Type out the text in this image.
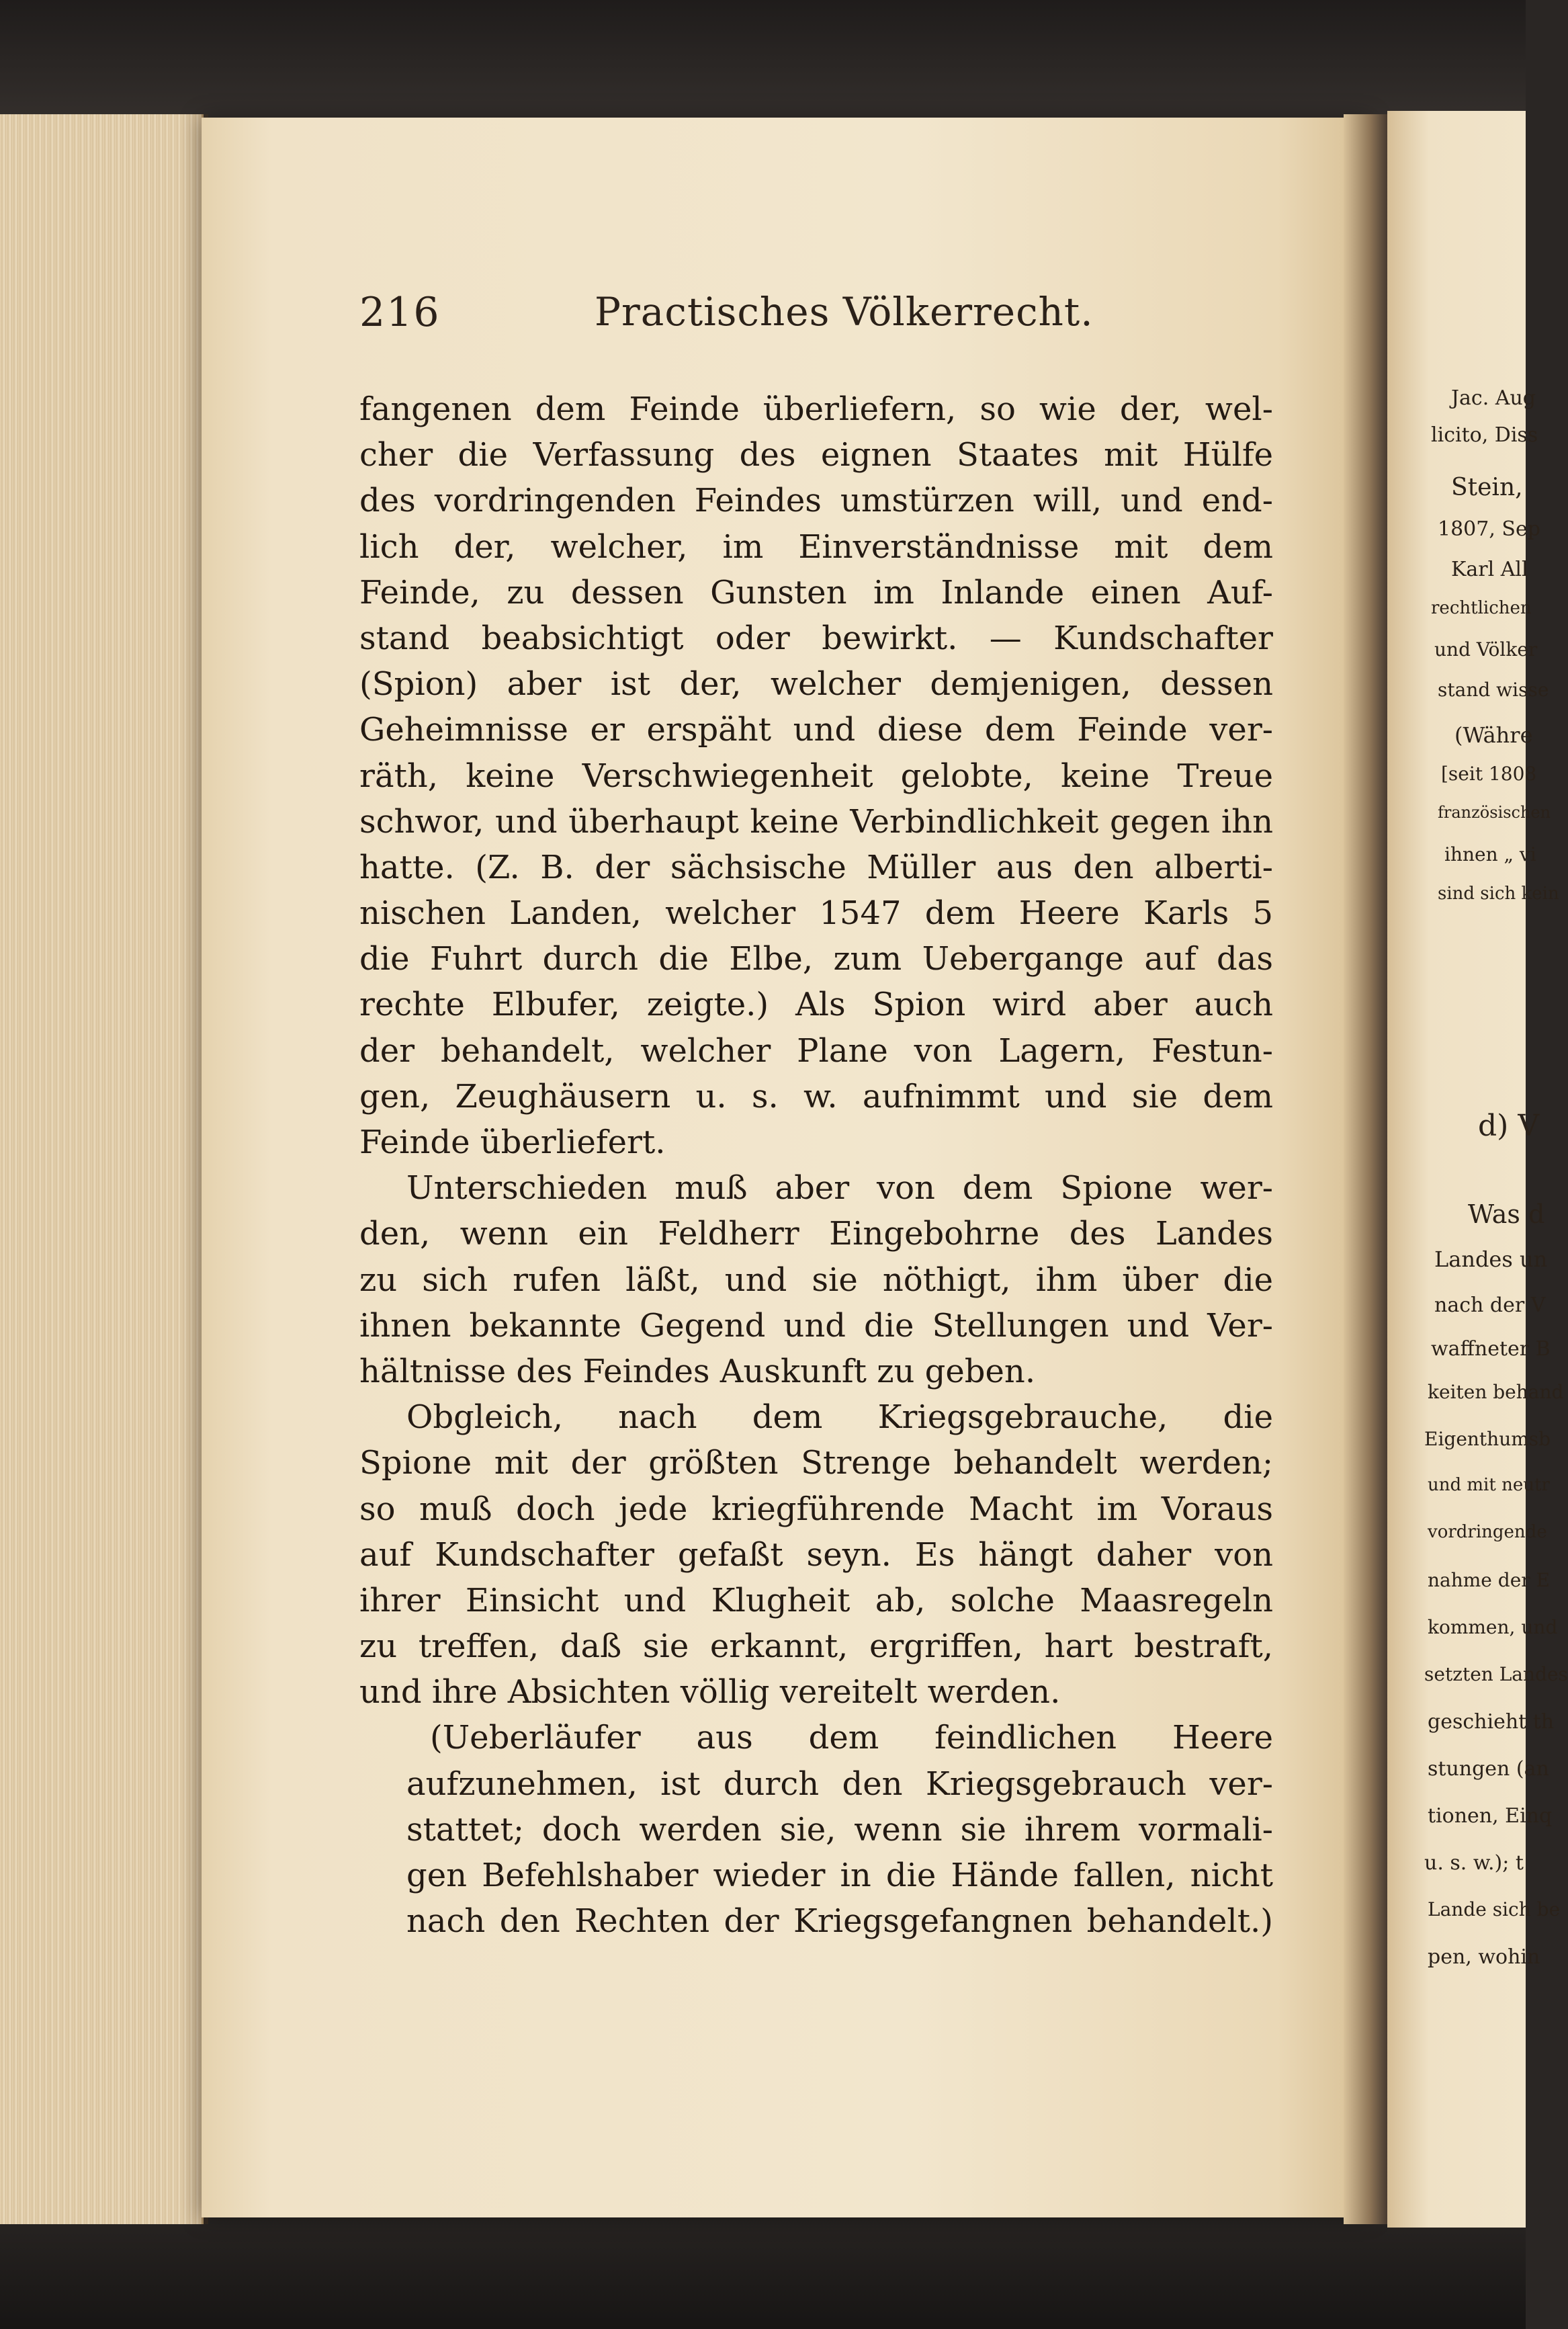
216	Practisches Völkerrecht.
fangenen dem Feinde überliefern, so wie der, wel-
cher die Verfassung des eignen Staates mit Hülfe
des vordringenden Feindes umstürzen will, und end-
lich der, welcher, im Einverständnisse mit dem
Feinde, zu dessen Gunsten im Inlande einen Auf-
stand beabsichtigt oder bewirkt. — Kundschafter
(Spion) aber ist der, welcher demjenigen, dessen
Geheimnisse er erspäht und diese dem Feinde ver-
räth, keine Verschwiegenheit gelobte, keine Treue
schwor, und überhaupt keine Verbindlichkeit gegen ihn
hatte. (Z. B. der sächsische Müller aus den alberti-
nischen Landen, welcher 1547 dem Heere Karls 5
die Fuhrt durch die Elbe, zum Uebergange auf das
rechte Elbufer, zeigte.) Als Spion wird aber auch
der behandelt, welcher Plane von Lagern, Festun-
gen, Zeughäusern u. s. w. aufnimmt und sie dem
Feinde überliefert.
Unterschieden muß aber von dem Spione wer-
den, wenn ein Feldherr Eingebohrne des Landes
zu sich rufen läßt, und sie nöthigt, ihm über die
ihnen bekannte Gegend und die Stellungen und Ver-
hältnisse des Feindes Auskunft zu geben.
Obgleich, nach dem Kriegsgebrauche, die
Spione mit der größten Strenge behandelt werden;
so muß doch jede kriegführende Macht im Voraus
auf Kundschafter gefaßt seyn. Es hängt daher von
ihrer Einsicht und Klugheit ab, solche Maasregeln
zu treffen, daß sie erkannt, ergriffen, hart bestraft,
und ihre Absichten völlig vereitelt werden.
(Ueberläufer aus dem feindlichen Heere
aufzunehmen, ist durch den Kriegsgebrauch ver-
stattet; doch werden sie, wenn sie ihrem vormali-
gen Befehlshaber wieder in die Hände fallen, nicht
nach den Rechten der Kriegsgefangnen behandelt.)
Jac. Aug
licito, Diss
Stein,
1807, Sep
Karl All
rechtlichen
und Völker
stand wisse
(Währe
[seit 1808
französischen
ihnen „ vi
sind sich kein
d) V
Was d
Landes un
nach der V
waffneter B
keiten behand
Eigenthumsb
und mit neutr
vordringende
nahme der E
kommen, und
setzten Landes
geschieht th
stungen (an
tionen, Einq
u. s. w.); t
Lande sich be
pen, wohin
